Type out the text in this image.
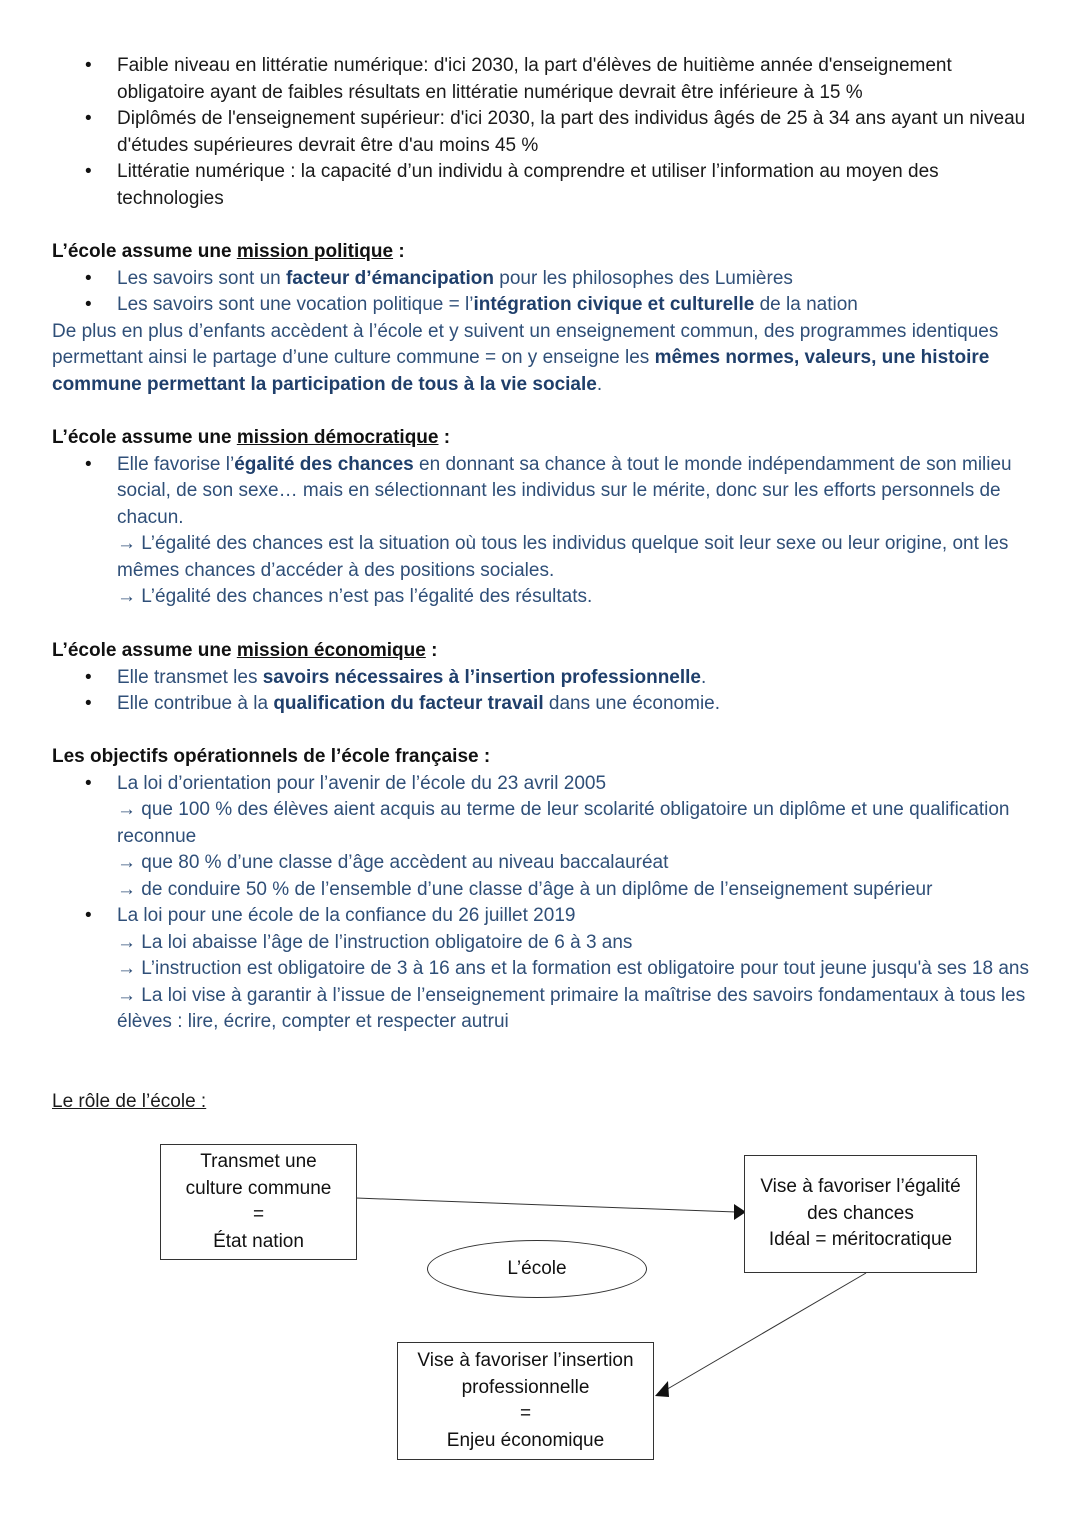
• Faible niveau en littératie numérique: d'ici 2030, la part d'élèves de huitième année d'enseignement obligatoire ayant de faibles résultats en littératie numérique devrait être inférieure à 15 %
• Diplômés de l'enseignement supérieur: d'ici 2030, la part des individus âgés de 25 à 34 ans ayant un niveau d'études supérieures devrait être d'au moins 45 %
• Littératie numérique : la capacité d’un individu à comprendre et utiliser l’information au moyen des technologies
L’école assume une mission politique :
• Les savoirs sont un facteur d’émancipation pour les philosophes des Lumières
• Les savoirs sont une vocation politique = l’intégration civique et culturelle de la nation

De plus en plus d’enfants accèdent à l’école et y suivent un enseignement commun, des programmes identiques permettant ainsi le partage d’une culture commune = on y enseigne les mêmes normes, valeurs, une histoire commune permettant la participation de tous à la vie sociale.

L’école assume une mission démocratique :
• Elle favorise l’égalité des chances en donnant sa chance à tout le monde indépendamment de son milieu social, de son sexe… mais en sélectionnant les individus sur le mérite, donc sur les efforts personnels de chacun.
→ L’égalité des chances est la situation où tous les individus quelque soit leur sexe ou leur origine, ont les mêmes chances d’accéder à des positions sociales.
→ L’égalité des chances n’est pas l’égalité des résultats.
L’école assume une mission économique :
• Elle transmet les savoirs nécessaires à l’insertion professionnelle.
• Elle contribue à la qualification du facteur travail dans une économie.
Les objectifs opérationnels de l’école française :
• La loi d’orientation pour l’avenir de l’école du 23 avril 2005
→ que 100 % des élèves aient acquis au terme de leur scolarité obligatoire un diplôme et une qualification reconnue
→ que 80 % d’une classe d’âge accèdent au niveau baccalauréat
→ de conduire 50 % de l’ensemble d’une classe d’âge à un diplôme de l’enseignement supérieur
• La loi pour une école de la confiance du 26 juillet 2019
→ La loi abaisse l’âge de l’instruction obligatoire de 6 à 3 ans
→ L’instruction est obligatoire de 3 à 16 ans et la formation est obligatoire pour tout jeune jusqu'à ses 18 ans
→ La loi vise à garantir à l’issue de l’enseignement primaire la maîtrise des savoirs fondamentaux à tous les élèves : lire, écrire, compter et respecter autrui
Le rôle de l’école :
Transmet une
culture commune
=
État nation
L’école
Vise à favoriser l’égalité
des chances
Idéal = méritocratique
Vise à favoriser l’insertion
professionnelle
=
Enjeu économique
